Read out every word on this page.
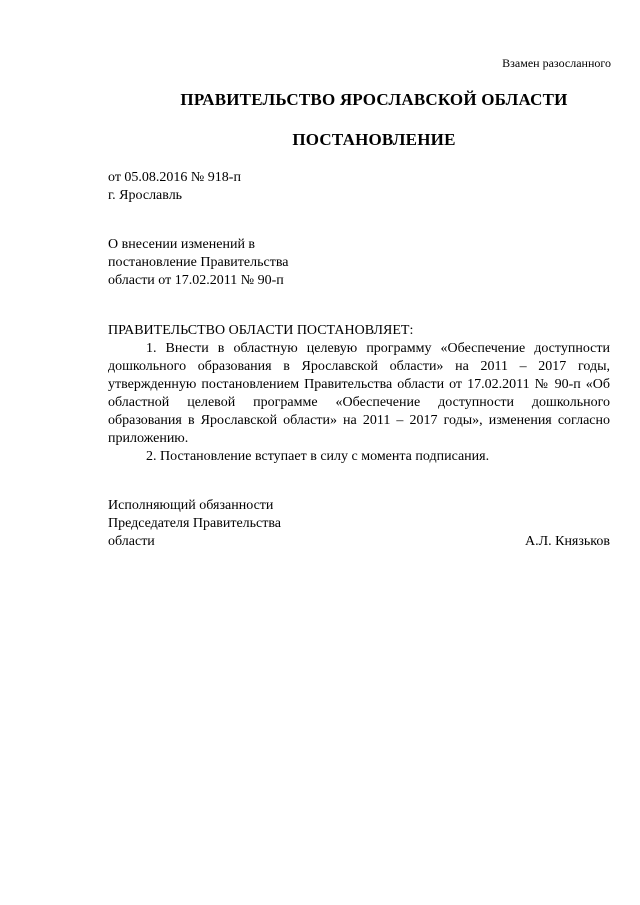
Взамен разосланного
ПРАВИТЕЛЬСТВО ЯРОСЛАВСКОЙ ОБЛАСТИ
ПОСТАНОВЛЕНИЕ
от 05.08.2016 № 918-п
г. Ярославль
О внесении изменений в
постановление Правительства
области от 17.02.2011 № 90-п
ПРАВИТЕЛЬСТВО ОБЛАСТИ ПОСТАНОВЛЯЕТ:

1. Внести в областную целевую программу «Обеспечение доступности дошкольного образования в Ярославской области» на 2011 – 2017 годы, утвержденную постановлением Правительства области от 17.02.2011 № 90-п «Об областной целевой программе «Обеспечение доступности дошкольного образования в Ярославской области» на 2011 – 2017 годы», изменения согласно приложению.

2. Постановление вступает в силу с момента подписания.

Исполняющий обязанности
Председателя Правительства
области	А.Л. Князьков
